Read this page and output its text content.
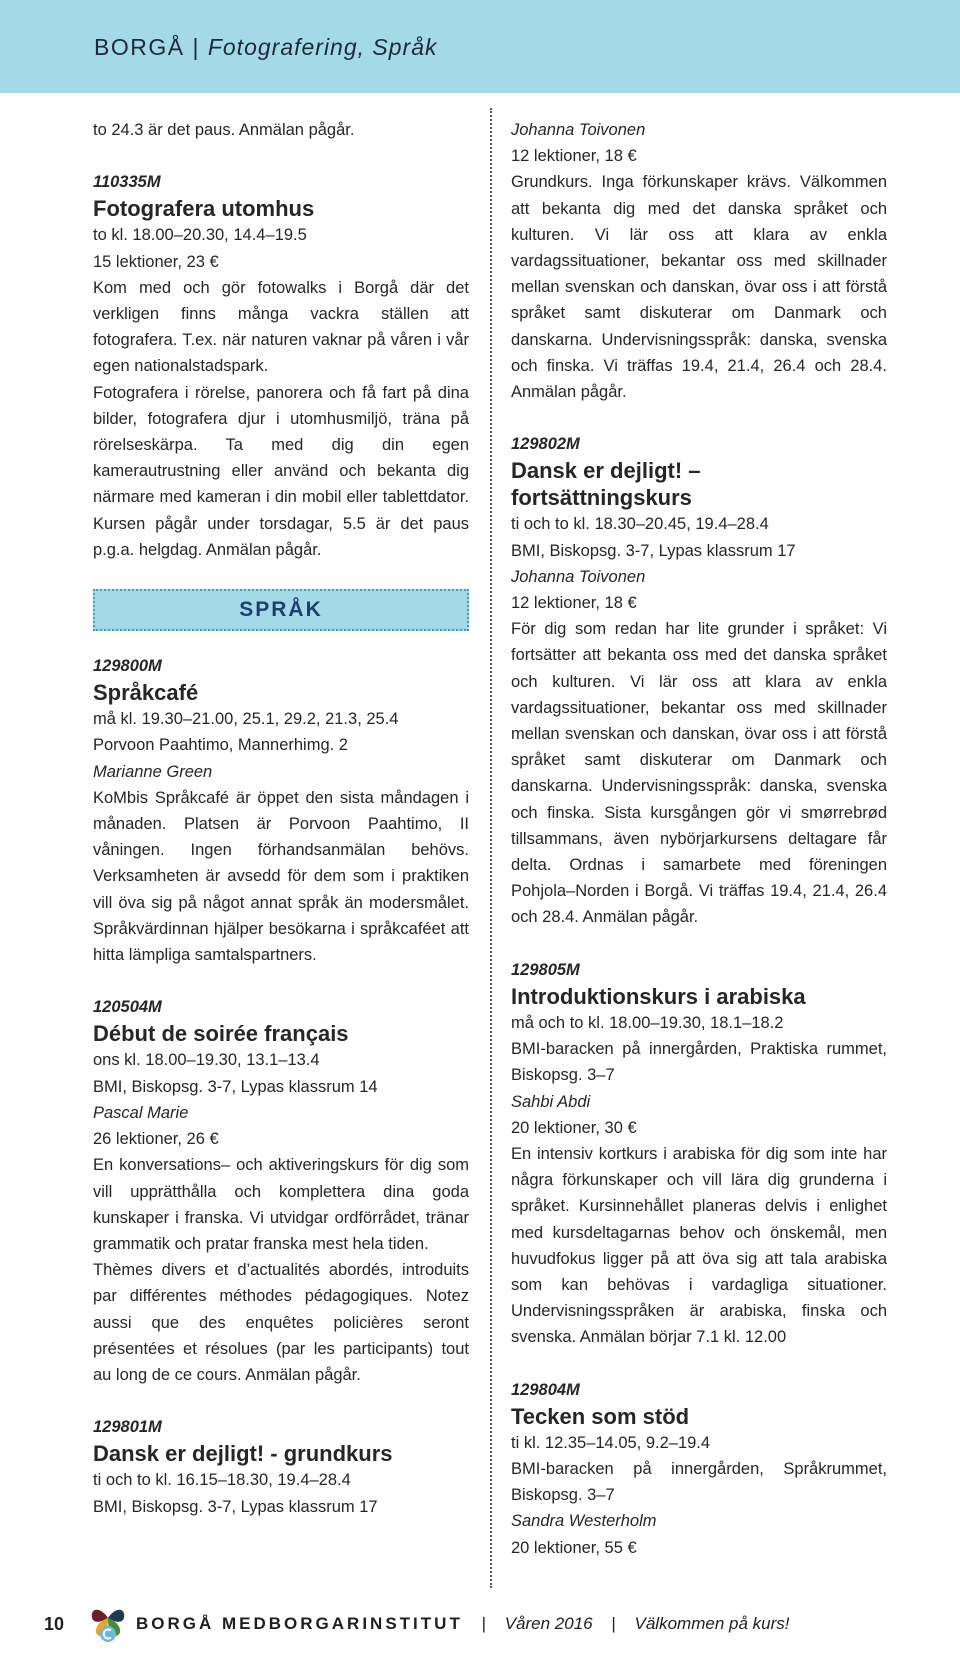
BORGÅ | Fotografering, Språk

to 24.3 är det paus. Anmälan pågår.

110335M

Fotografera utomhus

to kl. 18.00–20.30, 14.4–19.5

15 lektioner, 23 €

Kom med och gör fotowalks i Borgå där det verkligen finns många vackra ställen att fotografera. T.ex. när naturen vaknar på våren i vår egen nationalstadspark.

Fotografera i rörelse, panorera och få fart på dina bilder, fotografera djur i utomhusmiljö, träna på rörelseskärpa. Ta med dig din egen kamerautrustning eller använd och bekanta dig närmare med kameran i din mobil eller tablettdator. Kursen pågår under torsdagar, 5.5 är det paus p.g.a. helgdag. Anmälan pågår.

SPRÅK

129800M

Språkcafé

må kl. 19.30–21.00, 25.1, 29.2, 21.3, 25.4

Porvoon Paahtimo, Mannerhimg. 2

Marianne Green

KoMbis Språkcafé är öppet den sista måndagen i månaden. Platsen är Porvoon Paahtimo, II våningen. Ingen förhandsanmälan behövs. Verksamheten är avsedd för dem som i praktiken vill öva sig på något annat språk än modersmålet. Språkvärdinnan hjälper besökarna i språkcaféet att hitta lämpliga samtalspartners.

120504M

Début de soirée français

ons kl. 18.00–19.30, 13.1–13.4

BMI, Biskopsg. 3-7, Lypas klassrum 14

Pascal Marie

26 lektioner, 26 €

En konversations– och aktiveringskurs för dig som vill upprätthålla och komplettera dina goda kunskaper i franska. Vi utvidgar ordförrådet, tränar grammatik och pratar franska mest hela tiden.

Thèmes divers et d’actualités abordés, introduits par différentes méthodes pédagogiques. Notez aussi que des enquêtes policières seront présentées et résolues (par les participants) tout au long de ce cours. Anmälan pågår.

129801M

Dansk er dejligt! - grundkurs

ti och to kl. 16.15–18.30, 19.4–28.4

BMI, Biskopsg. 3-7, Lypas klassrum 17

Johanna Toivonen

12 lektioner, 18 €

Grundkurs. Inga förkunskaper krävs. Välkommen att bekanta dig med det danska språket och kulturen. Vi lär oss att klara av enkla vardagssituationer, bekantar oss med skillnader mellan svenskan och danskan, övar oss i att förstå språket samt diskuterar om Danmark och danskarna. Undervisningsspråk: danska, svenska och finska. Vi träffas 19.4, 21.4, 26.4 och 28.4. Anmälan pågår.

129802M

Dansk er dejligt! – fortsättningskurs

ti och to kl. 18.30–20.45, 19.4–28.4

BMI, Biskopsg. 3-7, Lypas klassrum 17

Johanna Toivonen

12 lektioner, 18 €

För dig som redan har lite grunder i språket: Vi fortsätter att bekanta oss med det danska språket och kulturen. Vi lär oss att klara av enkla vardagssituationer, bekantar oss med skillnader mellan svenskan och danskan, övar oss i att förstå språket samt diskuterar om Danmark och danskarna. Undervisningsspråk: danska, svenska och finska. Sista kursgången gör vi smørrebrød tillsammans, även nybörjarkursens deltagare får delta. Ordnas i samarbete med föreningen Pohjola–Norden i Borgå. Vi träffas 19.4, 21.4, 26.4 och 28.4. Anmälan pågår.

129805M

Introduktionskurs i arabiska

må och to kl. 18.00–19.30, 18.1–18.2

BMI-baracken på innergården, Praktiska rummet, Biskopsg. 3–7

Sahbi Abdi

20 lektioner, 30 €

En intensiv kortkurs i arabiska för dig som inte har några förkunskaper och vill lära dig grunderna i språket. Kursinnehållet planeras delvis i enlighet med kursdeltagarnas behov och önskemål, men huvudfokus ligger på att öva sig att tala arabiska som kan behövas i vardagliga situationer. Undervisningsspråken är arabiska, finska och svenska. Anmälan börjar 7.1 kl. 12.00

129804M

Tecken som stöd

ti kl. 12.35–14.05, 9.2–19.4

BMI-baracken på innergården, Språkrummet, Biskopsg. 3–7

Sandra Westerholm

20 lektioner, 55 €

10	BORGÅ MEDBORGARINSTITUT | Våren 2016 | Välkommen på kurs!
